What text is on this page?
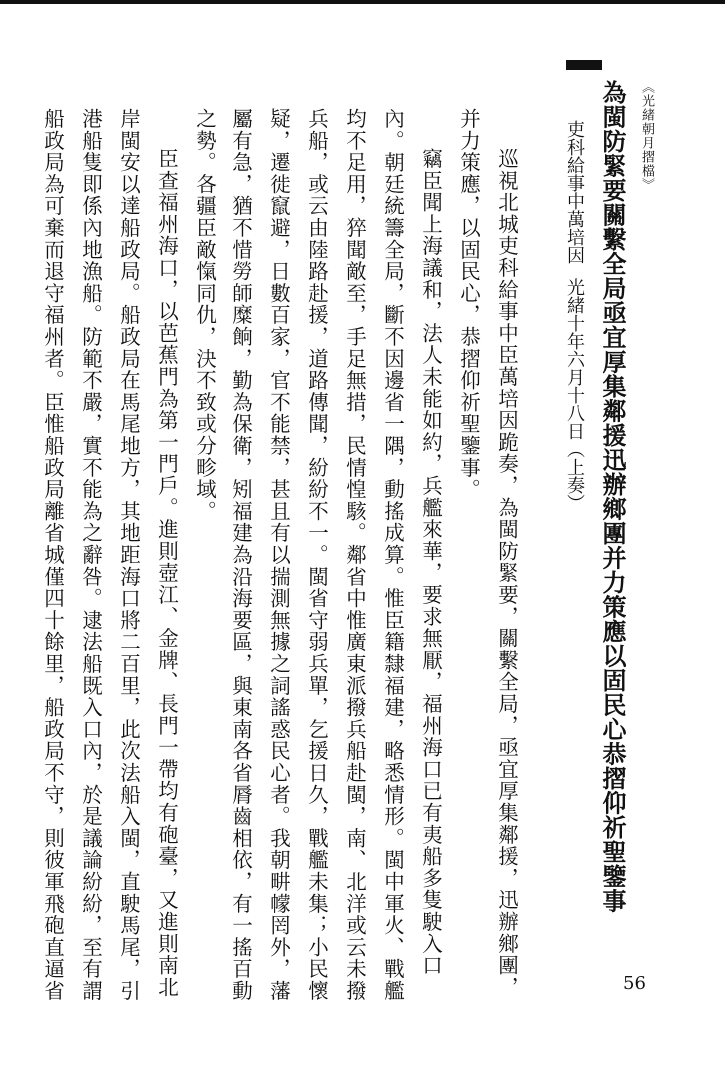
《光緒朝月摺檔》
為閩防緊要關繫全局亟宜厚集鄰援迅辦鄉團并力策應以固民心恭摺仰祈聖鑒事
吏科給事中萬培因光緒十年六月十八日（上奏）
巡視北城吏科給事中臣萬培因跪奏，為閩防緊要，關繫全局，亟宜厚集鄰援，迅辦鄉團，
并力策應，以固民心，恭摺仰祈聖鑒事。
竊臣聞上海議和，法人未能如約，兵艦來華，要求無厭，福州海口已有夷船多隻駛入口
內。朝廷統籌全局，斷不因邊省一隅，動搖成算。惟臣籍隸福建，略悉情形。閩中軍火、戰艦
均不足用，猝聞敵至，手足無措，民情惶駭。鄰省中惟廣東派撥兵船赴閩，南、北洋或云未撥
兵船，或云由陸路赴援，道路傳聞，紛紛不一。閩省守弱兵單，乞援日久，戰艦未集；小民懷
疑，遷徙竄避，日數百家，官不能禁，甚且有以揣測無據之詞謠惑民心者。我朝畊幪罔外，藩
屬有急，猶不惜勞師糜餉，勤為保衛，矧福建為沿海要區，與東南各省脣齒相依，有一搖百動
之勢。各疆臣敵愾同仇，決不致或分畛域。
臣查福州海口，以芭蕉門為第一門戶。進則壺江、金牌、長門一帶均有砲臺，又進則南北
岸閩安以達船政局。船政局在馬尾地方，其地距海口將二百里，此次法船入閩，直駛馬尾，引
港船隻即係內地漁船。防範不嚴，實不能為之辭咎。逮法船既入口內，於是議論紛紛，至有謂
船政局為可棄而退守福州者。臣惟船政局離省城僅四十餘里，船政局不守，則彼軍飛砲直逼省	56
